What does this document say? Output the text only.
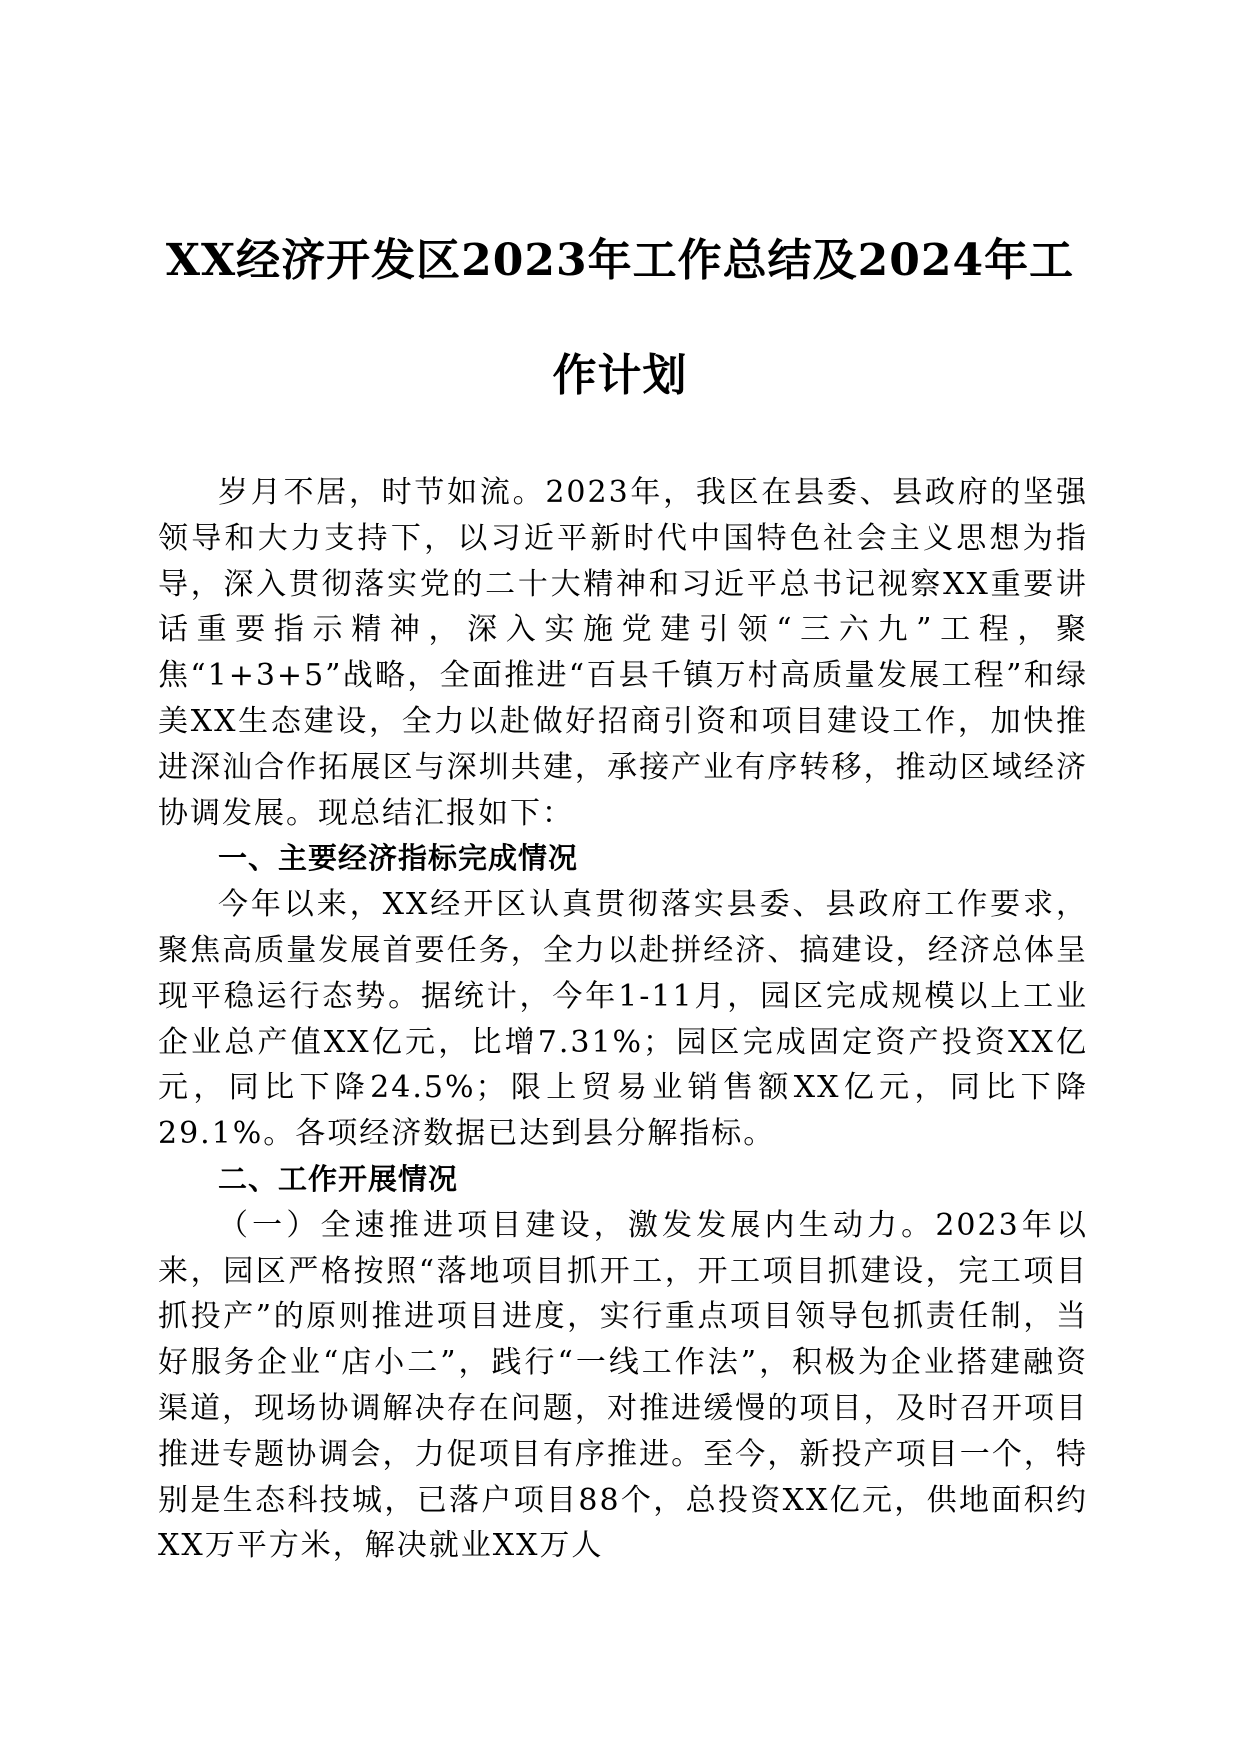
XX经济开发区2023年工作总结及2024年工
作计划

岁月不居，时节如流。2023年，我区在县委、县政府的坚强领导和大力支持下，以习近平新时代中国特色社会主义思想为指导，深入贯彻落实党的二十大精神和习近平总书记视察XX重要讲话重要指示精神，深入实施党建引领“三六九”工程，聚焦“1+3+5”战略，全面推进“百县千镇万村高质量发展工程”和绿美XX生态建设，全力以赴做好招商引资和项目建设工作，加快推进深汕合作拓展区与深圳共建，承接产业有序转移，推动区域经济协调发展。现总结汇报如下：

一、主要经济指标完成情况

今年以来，XX经开区认真贯彻落实县委、县政府工作要求，聚焦高质量发展首要任务，全力以赴拼经济、搞建设，经济总体呈现平稳运行态势。据统计，今年1-11月，园区完成规模以上工业企业总产值XX亿元，比增7.31%；园区完成固定资产投资XX亿元，同比下降24.5%；限上贸易业销售额XX亿元，同比下降29.1%。各项经济数据已达到县分解指标。

二、工作开展情况

（一）全速推进项目建设，激发发展内生动力。2023年以来，园区严格按照“落地项目抓开工，开工项目抓建设，完工项目抓投产”的原则推进项目进度，实行重点项目领导包抓责任制，当好服务企业“店小二”，践行“一线工作法”，积极为企业搭建融资渠道，现场协调解决存在问题，对推进缓慢的项目，及时召开项目推进专题协调会，力促项目有序推进。至今，新投产项目一个，特别是生态科技城，已落户项目88个，总投资XX亿元，供地面积约XX万平方米，解决就业XX万人
